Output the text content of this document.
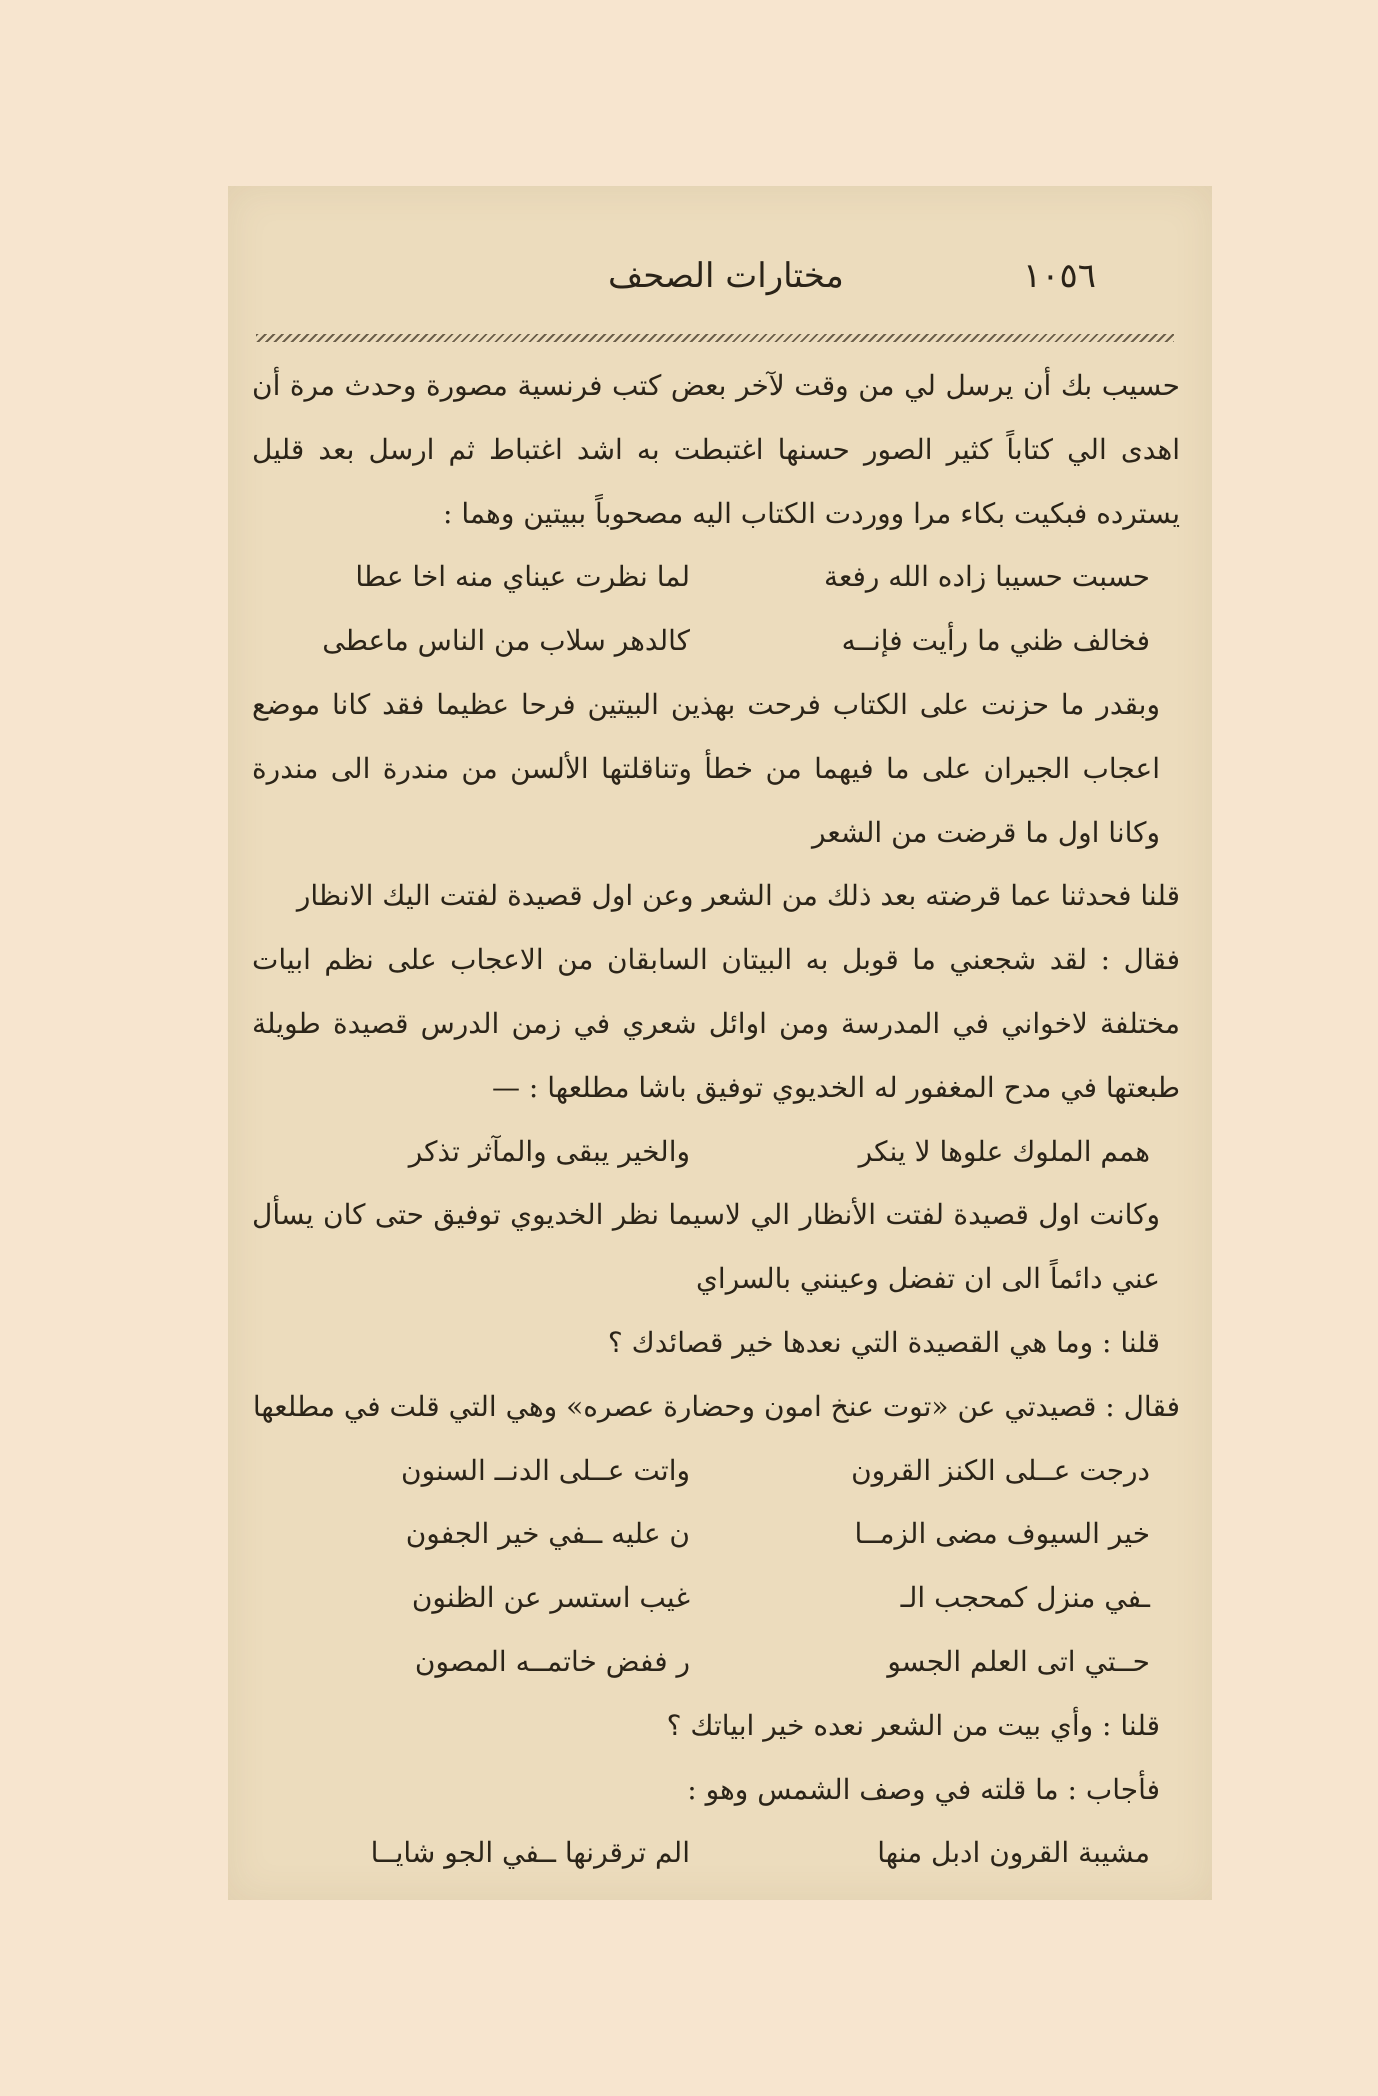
١٠٥٦
مختارات الصحف

حسيب بك أن يرسل لي من وقت لآخر بعض كتب فرنسية مصورة وحدث مرة أن اهدى الي كتاباً كثير الصور حسنها اغتبطت به اشد اغتباط ثم ارسل بعد قليل يسترده فبكيت بكاء مرا ووردت الكتاب اليه مصحوباً ببيتين وهما :

حسبت حسيبا زاده الله رفعة
لما نظرت عيناي منه اخا عطا
فخالف ظني ما رأيت فإنــه
كالدهر سلاب من الناس ماعطى

وبقدر ما حزنت على الكتاب فرحت بهذين البيتين فرحا عظيما فقد كانا موضع اعجاب الجيران على ما فيهما من خطأ وتناقلتها الألسن من مندرة الى مندرة وكانا اول ما قرضت من الشعر

قلنا فحدثنا عما قرضته بعد ذلك من الشعر وعن اول قصيدة لفتت اليك الانظار

فقال : لقد شجعني ما قوبل به البيتان السابقان من الاعجاب على نظم ابيات مختلفة لاخواني في المدرسة ومن اوائل شعري في زمن الدرس قصيدة طويلة طبعتها في مدح المغفور له الخديوي توفيق باشا مطلعها : —

همم الملوك علوها لا ينكر
والخير يبقى والمآثر تذكر

وكانت اول قصيدة لفتت الأنظار الي لاسيما نظر الخديوي توفيق حتى كان يسأل عني دائماً الى ان تفضل وعينني بالسراي

قلنا : وما هي القصيدة التي نعدها خير قصائدك ؟

فقال : قصيدتي عن «توت عنخ امون وحضارة عصره» وهي التي قلت في مطلعها

درجت عــلى الكنز القرون
واتت عــلى الدنــ السنون
خير السيوف مضى الزمــا
ن عليه ــفي خير الجفون
ـفي منزل كمحجب الـ
غيب استسر عن الظنون
حــتي اتى العلم الجسو
ر ففض خاتمــه المصون

قلنا : وأي بيت من الشعر نعده خير ابياتك ؟

فأجاب : ما قلته في وصف الشمس وهو :

مشيبة القرون ادبل منها
الم ترقرنها ــفي الجو شايــا
